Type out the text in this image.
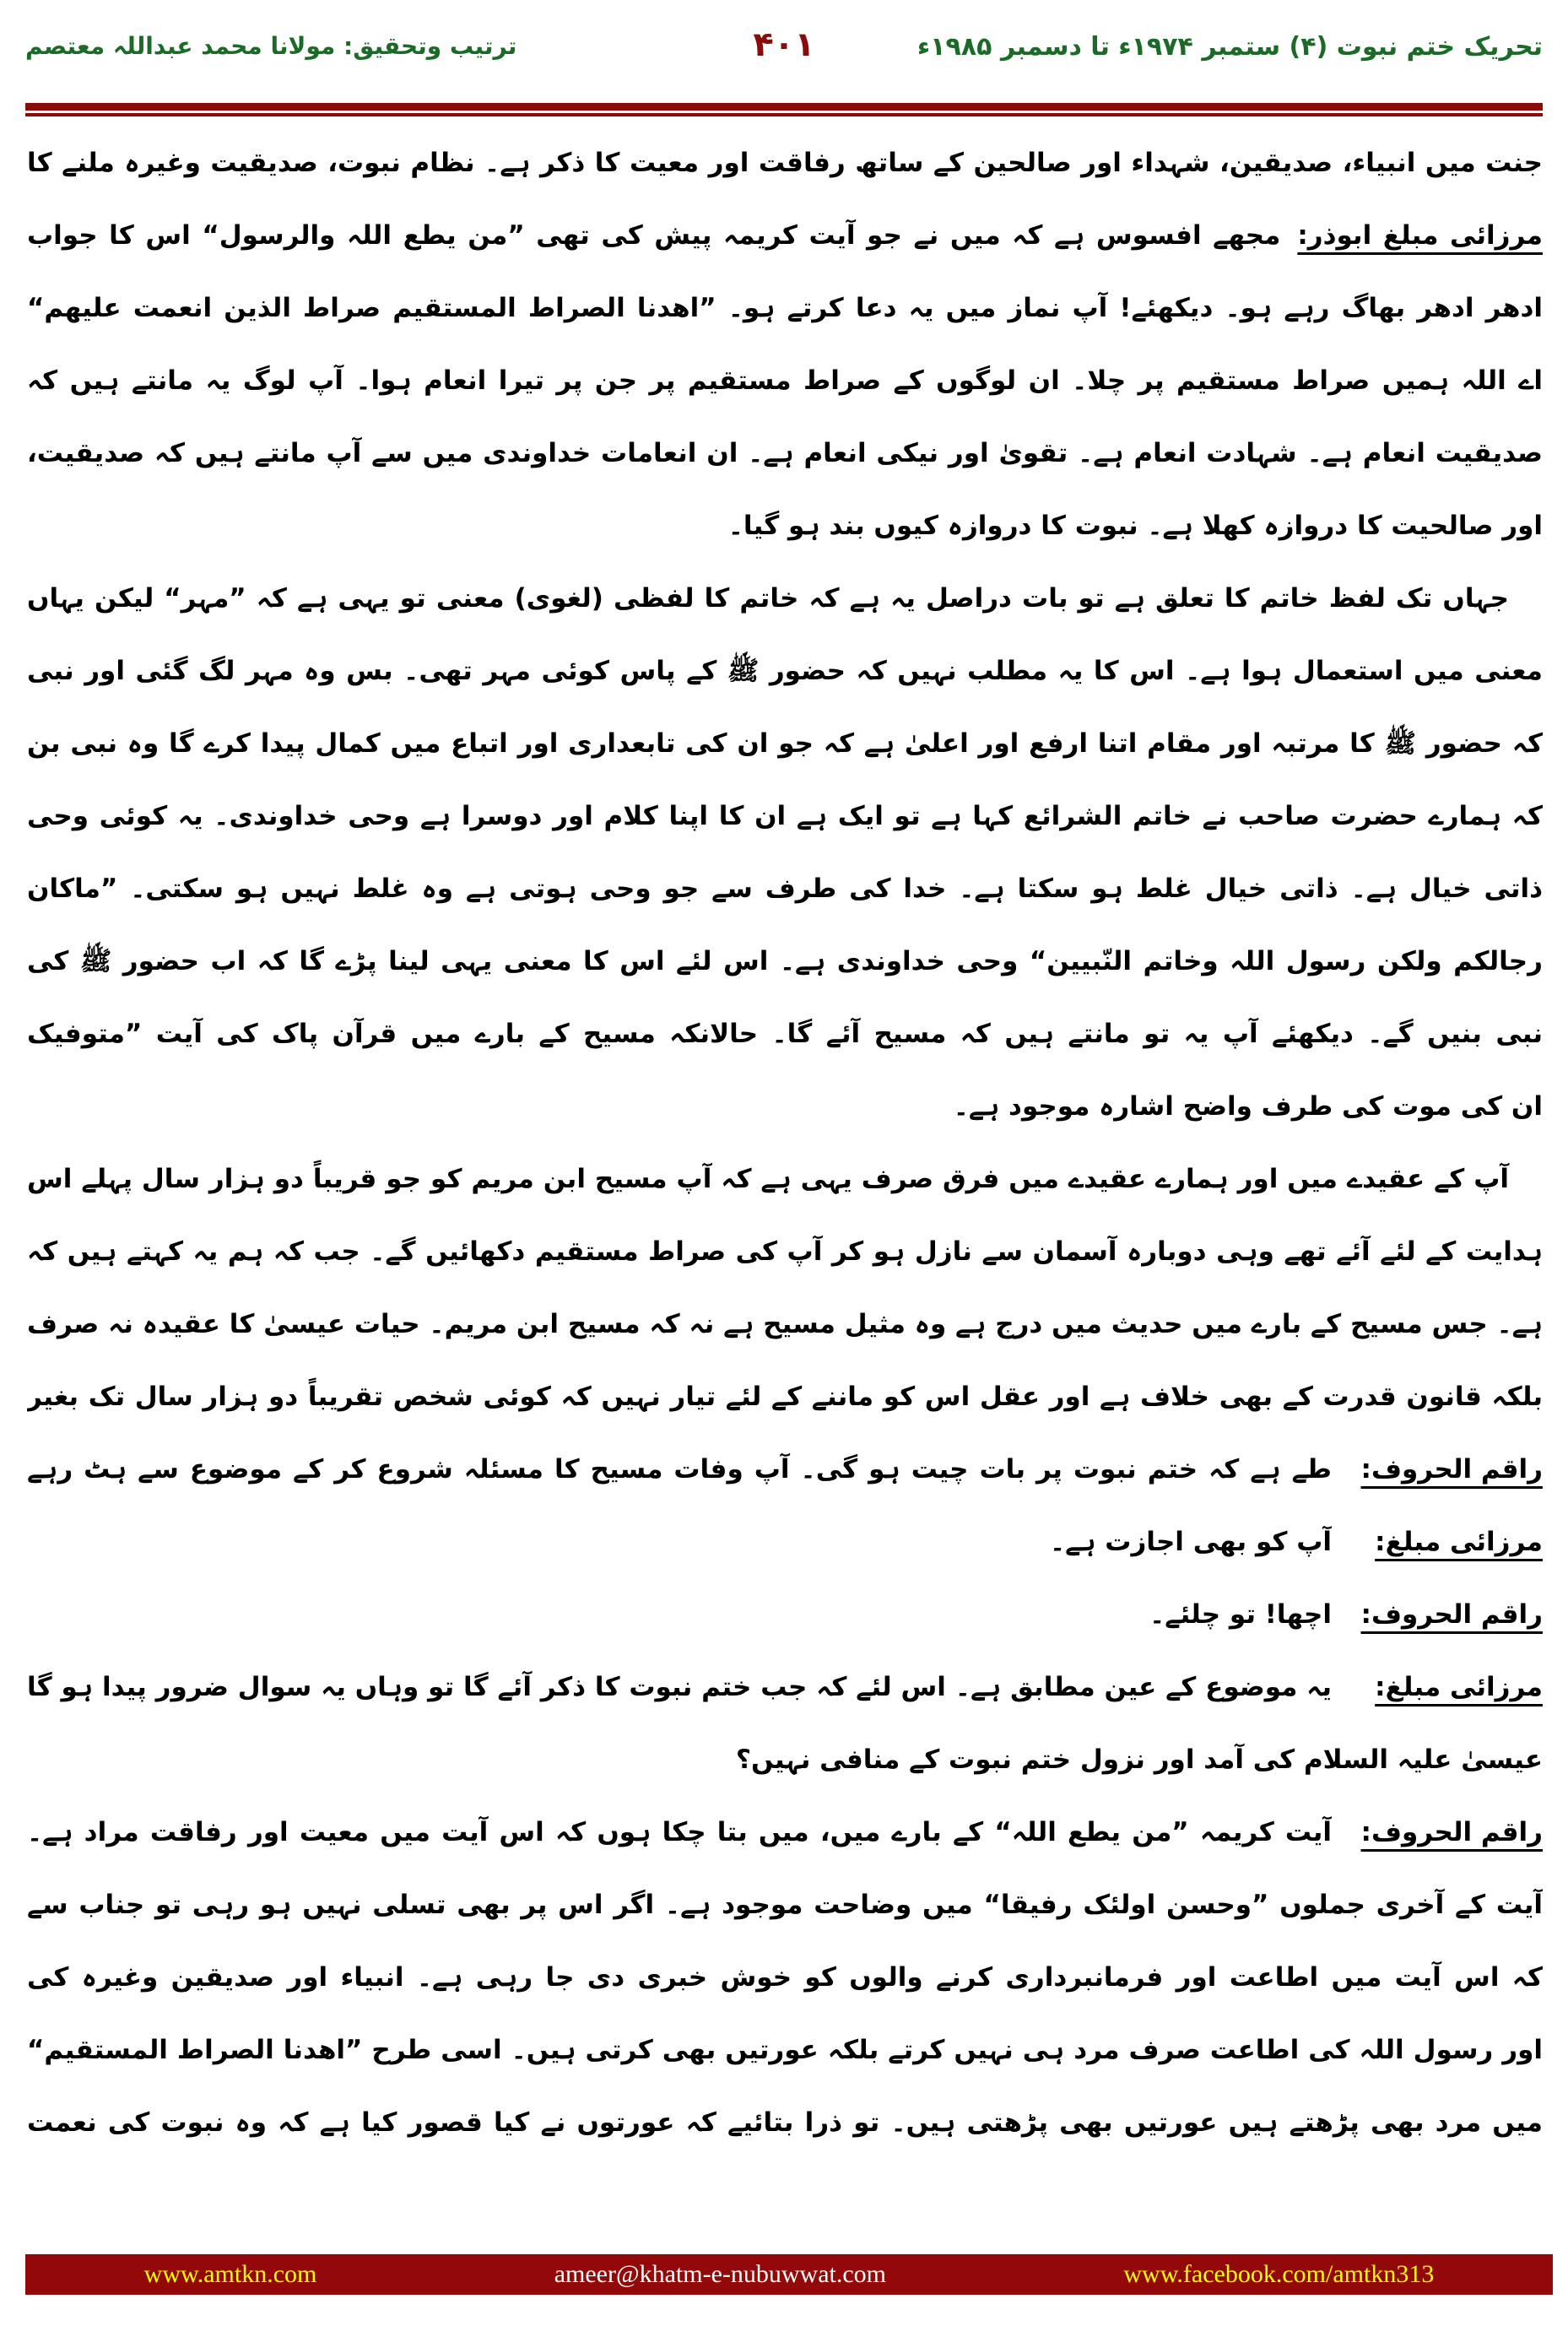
تحریک ختم نبوت (۴) ستمبر ۱۹۷۴ء تا دسمبر ۱۹۸۵ء
۴۰۱
ترتیب وتحقیق: مولانا محمد عبداللہ معتصم
جنت میں انبیاء، صدیقین، شہداء اور صالحین کے ساتھ رفاقت اور معیت کا ذکر ہے۔ نظام نبوت، صدیقیت وغیرہ ملنے کا
مرزائی مبلغ ابوذر:مجھے افسوس ہے کہ میں نے جو آیت کریمہ پیش کی تھی ”من یطع اللہ والرسول“ اس کا جواب
ادھر ادھر بھاگ رہے ہو۔ دیکھئے! آپ نماز میں یہ دعا کرتے ہو۔ ”اھدنا الصراط المستقیم صراط الذین انعمت علیھم“
اے اللہ ہمیں صراط مستقیم پر چلا۔ ان لوگوں کے صراط مستقیم پر جن پر تیرا انعام ہوا۔ آپ لوگ یہ مانتے ہیں کہ
صدیقیت انعام ہے۔ شہادت انعام ہے۔ تقویٰ اور نیکی انعام ہے۔ ان انعامات خداوندی میں سے آپ مانتے ہیں کہ صدیقیت،
اور صالحیت کا دروازہ کھلا ہے۔ نبوت کا دروازہ کیوں بند ہو گیا۔
جہاں تک لفظ خاتم کا تعلق ہے تو بات دراصل یہ ہے کہ خاتم کا لفظی (لغوی) معنی تو یہی ہے کہ ”مہر“ لیکن یہاں
معنی میں استعمال ہوا ہے۔ اس کا یہ مطلب نہیں کہ حضور ﷺ کے پاس کوئی مہر تھی۔ بس وہ مہر لگ گئی اور نبی
کہ حضور ﷺ کا مرتبہ اور مقام اتنا ارفع اور اعلیٰ ہے کہ جو ان کی تابعداری اور اتباع میں کمال پیدا کرے گا وہ نبی بن
کہ ہمارے حضرت صاحب نے خاتم الشرائع کہا ہے تو ایک ہے ان کا اپنا کلام اور دوسرا ہے وحی خداوندی۔ یہ کوئی وحی
ذاتی خیال ہے۔ ذاتی خیال غلط ہو سکتا ہے۔ خدا کی طرف سے جو وحی ہوتی ہے وہ غلط نہیں ہو سکتی۔ ”ماکان
رجالکم ولکن رسول اللہ وخاتم النّبیین“ وحی خداوندی ہے۔ اس لئے اس کا معنی یہی لینا پڑے گا کہ اب حضور ﷺ کی
نبی بنیں گے۔ دیکھئے آپ یہ تو مانتے ہیں کہ مسیح آئے گا۔ حالانکہ مسیح کے بارے میں قرآن پاک کی آیت ”متوفیک
ان کی موت کی طرف واضح اشارہ موجود ہے۔
آپ کے عقیدے میں اور ہمارے عقیدے میں فرق صرف یہی ہے کہ آپ مسیح ابن مریم کو جو قریباً دو ہزار سال پہلے اس
ہدایت کے لئے آئے تھے وہی دوبارہ آسمان سے نازل ہو کر آپ کی صراط مستقیم دکھائیں گے۔ جب کہ ہم یہ کہتے ہیں کہ
ہے۔ جس مسیح کے بارے میں حدیث میں درج ہے وہ مثیل مسیح ہے نہ کہ مسیح ابن مریم۔ حیات عیسیٰ کا عقیدہ نہ صرف
بلکہ قانون قدرت کے بھی خلاف ہے اور عقل اس کو ماننے کے لئے تیار نہیں کہ کوئی شخص تقریباً دو ہزار سال تک بغیر
راقم الحروف:
طے ہے کہ ختم نبوت پر بات چیت ہو گی۔ آپ وفات مسیح کا مسئلہ شروع کر کے موضوع سے ہٹ رہے
مرزائی مبلغ:
آپ کو بھی اجازت ہے۔
راقم الحروف:
اچھا! تو چلئے۔
مرزائی مبلغ:
یہ موضوع کے عین مطابق ہے۔ اس لئے کہ جب ختم نبوت کا ذکر آئے گا تو وہاں یہ سوال ضرور پیدا ہو گا
عیسیٰ علیہ السلام کی آمد اور نزول ختم نبوت کے منافی نہیں؟
راقم الحروف:
آیت کریمہ ”من یطع اللہ“ کے بارے میں، میں بتا چکا ہوں کہ اس آیت میں معیت اور رفاقت مراد ہے۔
آیت کے آخری جملوں ”وحسن اولئک رفیقا“ میں وضاحت موجود ہے۔ اگر اس پر بھی تسلی نہیں ہو رہی تو جناب سے
کہ اس آیت میں اطاعت اور فرمانبرداری کرنے والوں کو خوش خبری دی جا رہی ہے۔ انبیاء اور صدیقین وغیرہ کی
اور رسول اللہ کی اطاعت صرف مرد ہی نہیں کرتے بلکہ عورتیں بھی کرتی ہیں۔ اسی طرح ”اھدنا الصراط المستقیم“
میں مرد بھی پڑھتے ہیں عورتیں بھی پڑھتی ہیں۔ تو ذرا بتائیے کہ عورتوں نے کیا قصور کیا ہے کہ وہ نبوت کی نعمت
www.amtkn.com	ameer@khatm-e-nubuwwat.com	www.facebook.com/amtkn313
